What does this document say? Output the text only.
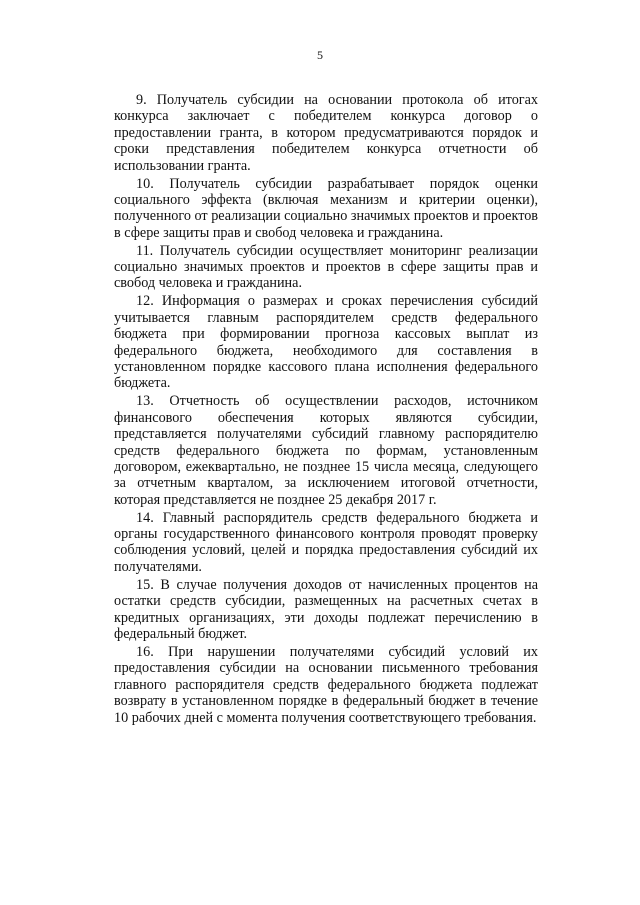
5

9. Получатель субсидии на основании протокола об итогах конкурса заключает с победителем конкурса договор о предоставлении гранта, в котором предусматриваются порядок и сроки представления победителем конкурса отчетности об использовании гранта.

10. Получатель субсидии разрабатывает порядок оценки социального эффекта (включая механизм и критерии оценки), полученного от реализации социально значимых проектов и проектов в сфере защиты прав и свобод человека и гражданина.

11. Получатель субсидии осуществляет мониторинг реализации социально значимых проектов и проектов в сфере защиты прав и свобод человека и гражданина.

12. Информация о размерах и сроках перечисления субсидий учитывается главным распорядителем средств федерального бюджета при формировании прогноза кассовых выплат из федерального бюджета, необходимого для составления в установленном порядке кассового плана исполнения федерального бюджета.

13. Отчетность об осуществлении расходов, источником финансового обеспечения которых являются субсидии, представляется получателями субсидий главному распорядителю средств федерального бюджета по формам, установленным договором, ежеквартально, не позднее 15 числа месяца, следующего за отчетным кварталом, за исключением итоговой отчетности, которая представляется не позднее 25 декабря 2017 г.

14. Главный распорядитель средств федерального бюджета и органы государственного финансового контроля проводят проверку соблюдения условий, целей и порядка предоставления субсидий их получателями.

15. В случае получения доходов от начисленных процентов на остатки средств субсидии, размещенных на расчетных счетах в кредитных организациях, эти доходы подлежат перечислению в федеральный бюджет.

16. При нарушении получателями субсидий условий их предоставления субсидии на основании письменного требования главного распорядителя средств федерального бюджета подлежат возврату в установленном порядке в федеральный бюджет в течение 10 рабочих дней с момента получения соответствующего требования.
